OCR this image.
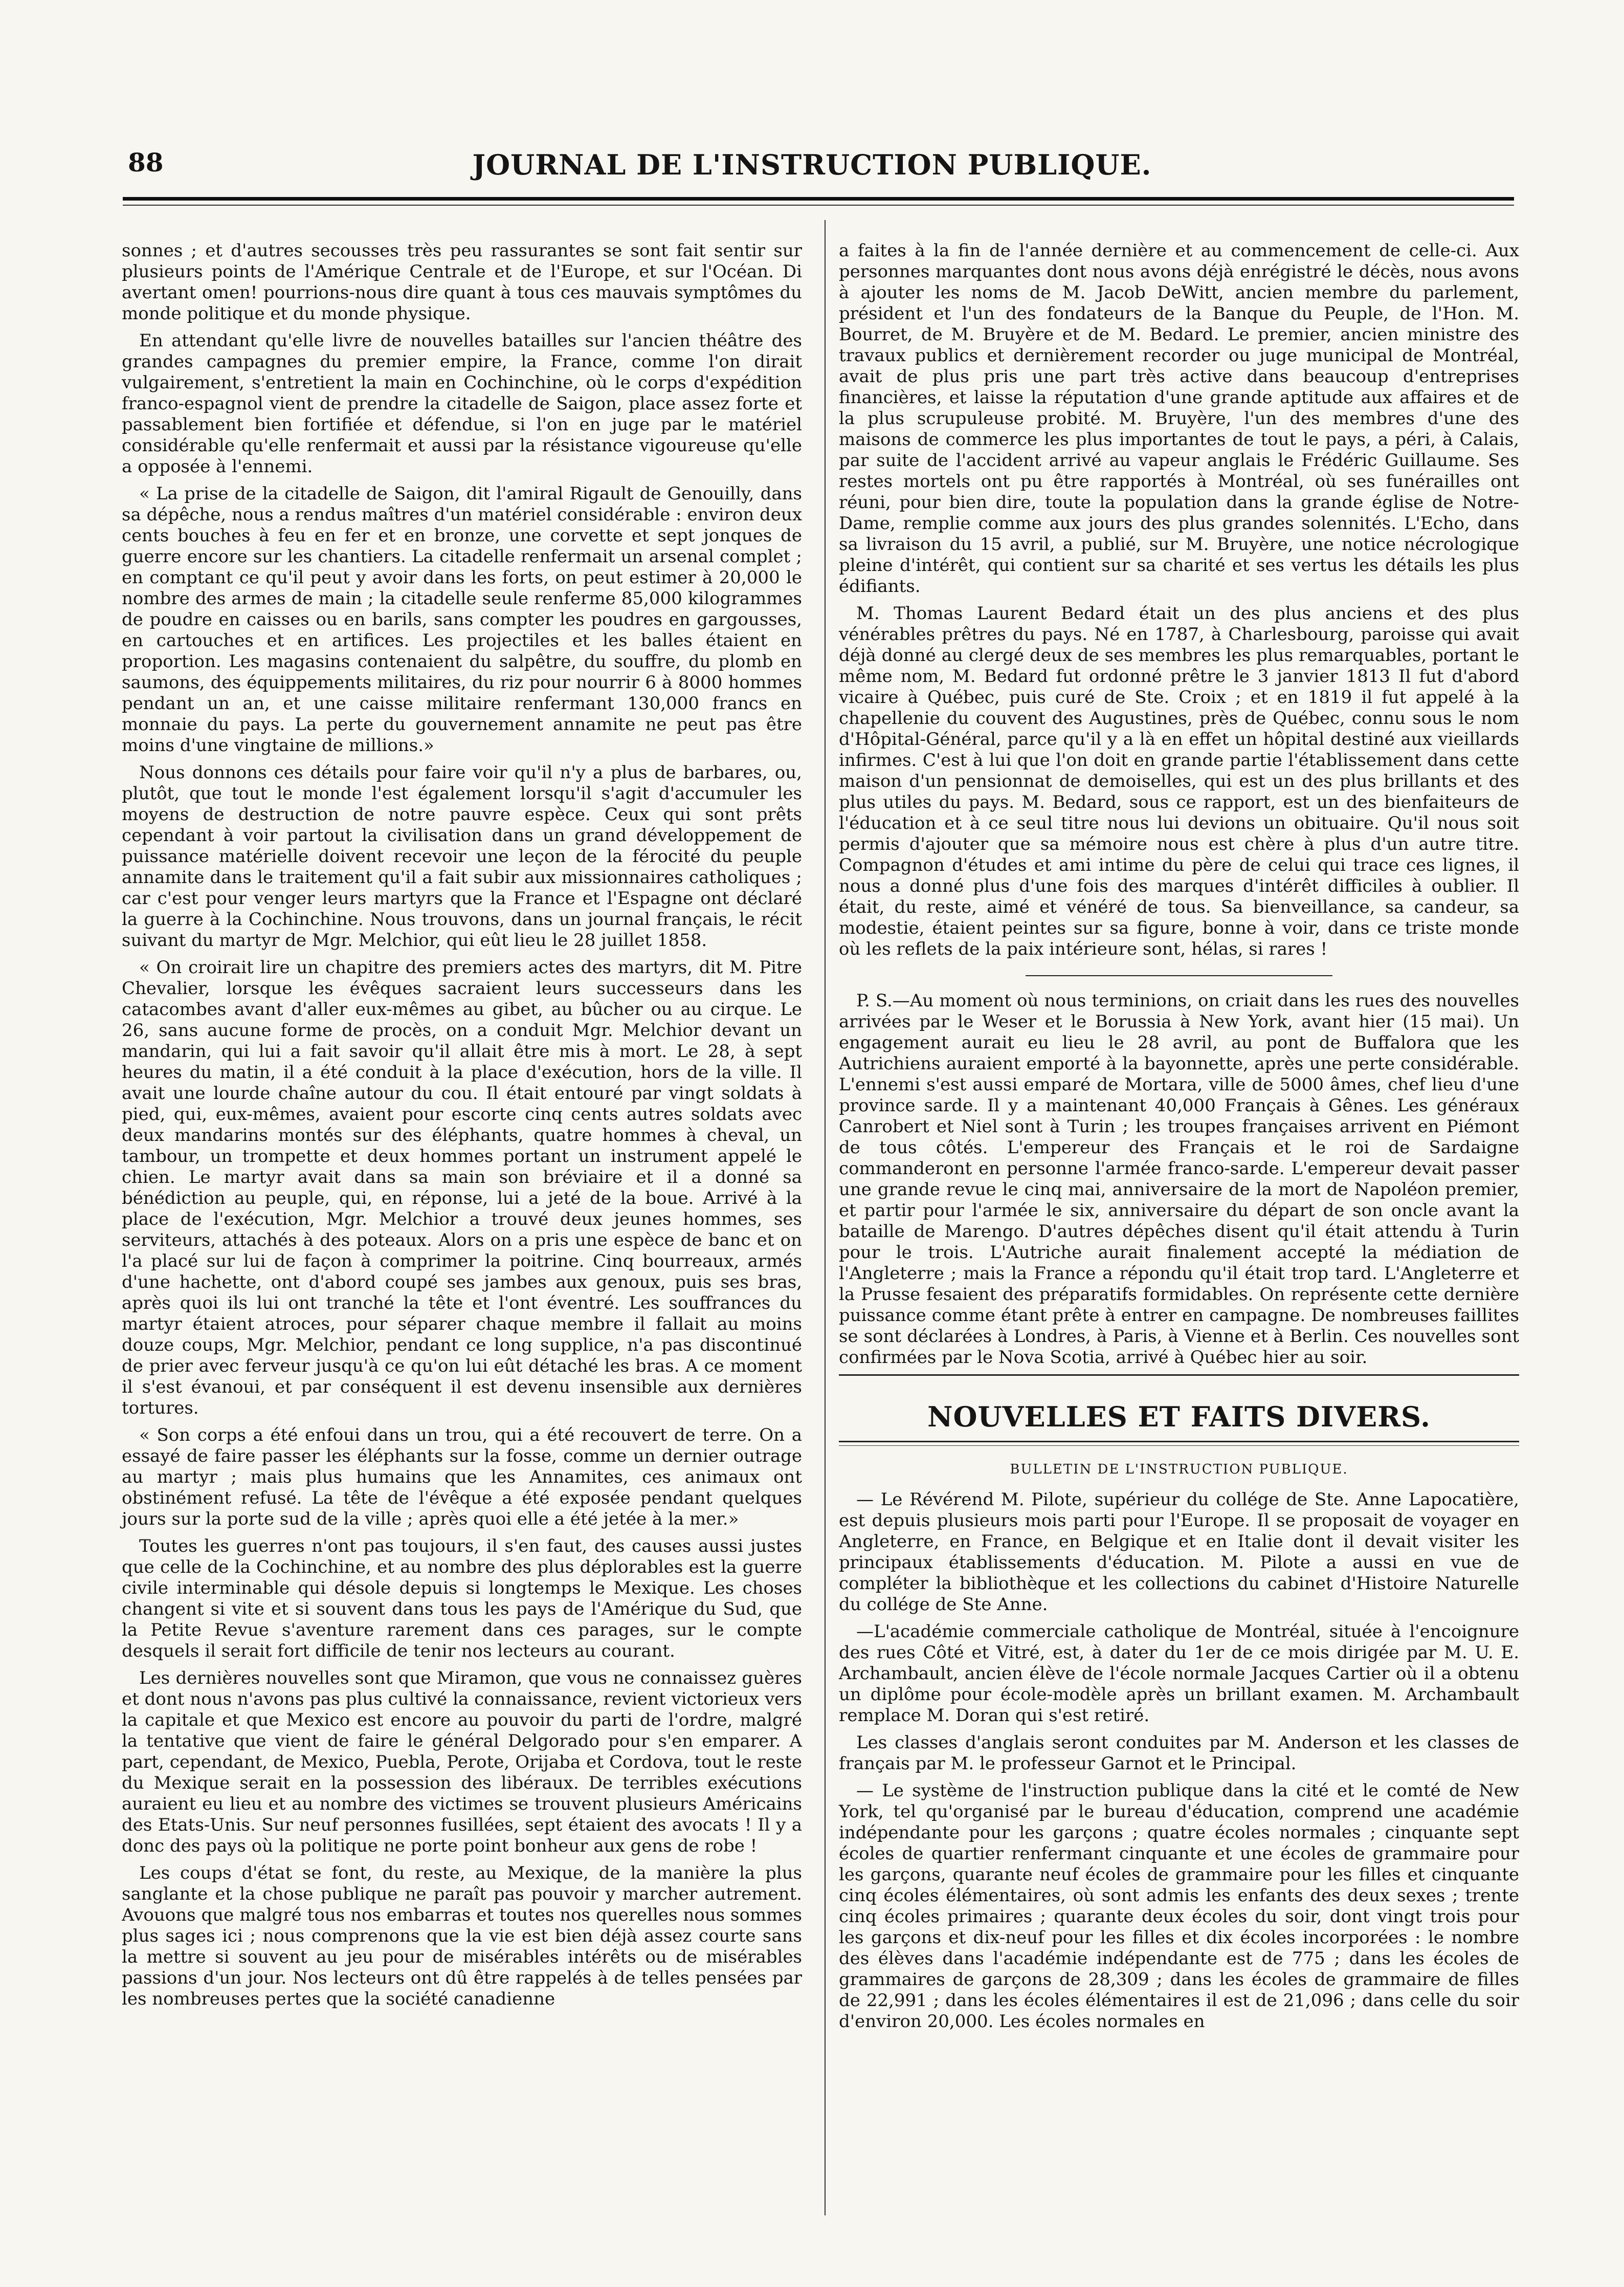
88	JOURNAL DE L'INSTRUCTION PUBLIQUE.

sonnes ; et d'autres secousses très peu rassurantes se sont fait sentir sur plusieurs points de l'Amérique Centrale et de l'Europe, et sur l'Océan. Di avertant omen! pourrions-nous dire quant à tous ces mauvais symptômes du monde politique et du monde physique.

En attendant qu'elle livre de nouvelles batailles sur l'ancien théâtre des grandes campagnes du premier empire, la France, comme l'on dirait vulgairement, s'entretient la main en Cochinchine, où le corps d'expédition franco-espagnol vient de prendre la citadelle de Saigon, place assez forte et passablement bien fortifiée et défendue, si l'on en juge par le matériel considérable qu'elle renfermait et aussi par la résistance vigoureuse qu'elle a opposée à l'ennemi.

« La prise de la citadelle de Saigon, dit l'amiral Rigault de Genouilly, dans sa dépêche, nous a rendus maîtres d'un matériel considérable : environ deux cents bouches à feu en fer et en bronze, une corvette et sept jonques de guerre encore sur les chantiers. La citadelle renfermait un arsenal complet ; en comptant ce qu'il peut y avoir dans les forts, on peut estimer à 20,000 le nombre des armes de main ; la citadelle seule renferme 85,000 kilogrammes de poudre en caisses ou en barils, sans compter les poudres en gargousses, en cartouches et en artifices. Les projectiles et les balles étaient en proportion. Les magasins contenaient du salpêtre, du souffre, du plomb en saumons, des équippements militaires, du riz pour nourrir 6 à 8000 hommes pendant un an, et une caisse militaire renfermant 130,000 francs en monnaie du pays. La perte du gouvernement annamite ne peut pas être moins d'une vingtaine de millions.»

Nous donnons ces détails pour faire voir qu'il n'y a plus de barbares, ou, plutôt, que tout le monde l'est également lorsqu'il s'agit d'accumuler les moyens de destruction de notre pauvre espèce. Ceux qui sont prêts cependant à voir partout la civilisation dans un grand développement de puissance matérielle doivent recevoir une leçon de la férocité du peuple annamite dans le traitement qu'il a fait subir aux missionnaires catholiques ; car c'est pour venger leurs martyrs que la France et l'Espagne ont déclaré la guerre à la Cochinchine. Nous trouvons, dans un journal français, le récit suivant du martyr de Mgr. Melchior, qui eût lieu le 28 juillet 1858.

« On croirait lire un chapitre des premiers actes des martyrs, dit M. Pitre Chevalier, lorsque les évêques sacraient leurs successeurs dans les catacombes avant d'aller eux-mêmes au gibet, au bûcher ou au cirque. Le 26, sans aucune forme de procès, on a conduit Mgr. Melchior devant un mandarin, qui lui a fait savoir qu'il allait être mis à mort. Le 28, à sept heures du matin, il a été conduit à la place d'exécution, hors de la ville. Il avait une lourde chaîne autour du cou. Il était entouré par vingt soldats à pied, qui, eux-mêmes, avaient pour escorte cinq cents autres soldats avec deux mandarins montés sur des éléphants, quatre hommes à cheval, un tambour, un trompette et deux hommes portant un instrument appelé le chien. Le martyr avait dans sa main son bréviaire et il a donné sa bénédiction au peuple, qui, en réponse, lui a jeté de la boue. Arrivé à la place de l'exécution, Mgr. Melchior a trouvé deux jeunes hommes, ses serviteurs, attachés à des poteaux. Alors on a pris une espèce de banc et on l'a placé sur lui de façon à comprimer la poitrine. Cinq bourreaux, armés d'une hachette, ont d'abord coupé ses jambes aux genoux, puis ses bras, après quoi ils lui ont tranché la tête et l'ont éventré. Les souffrances du martyr étaient atroces, pour séparer chaque membre il fallait au moins douze coups, Mgr. Melchior, pendant ce long supplice, n'a pas discontinué de prier avec ferveur jusqu'à ce qu'on lui eût détaché les bras. A ce moment il s'est évanoui, et par conséquent il est devenu insensible aux dernières tortures.

« Son corps a été enfoui dans un trou, qui a été recouvert de terre. On a essayé de faire passer les éléphants sur la fosse, comme un dernier outrage au martyr ; mais plus humains que les Annamites, ces animaux ont obstinément refusé. La tête de l'évêque a été exposée pendant quelques jours sur la porte sud de la ville ; après quoi elle a été jetée à la mer.»

Toutes les guerres n'ont pas toujours, il s'en faut, des causes aussi justes que celle de la Cochinchine, et au nombre des plus déplorables est la guerre civile interminable qui désole depuis si longtemps le Mexique. Les choses changent si vite et si souvent dans tous les pays de l'Amérique du Sud, que la Petite Revue s'aventure rarement dans ces parages, sur le compte desquels il serait fort difficile de tenir nos lecteurs au courant.

Les dernières nouvelles sont que Miramon, que vous ne connaissez guères et dont nous n'avons pas plus cultivé la connaissance, revient victorieux vers la capitale et que Mexico est encore au pouvoir du parti de l'ordre, malgré la tentative que vient de faire le général Delgorado pour s'en emparer. A part, cependant, de Mexico, Puebla, Perote, Orijaba et Cordova, tout le reste du Mexique serait en la possession des libéraux. De terribles exécutions auraient eu lieu et au nombre des victimes se trouvent plusieurs Américains des Etats-Unis. Sur neuf personnes fusillées, sept étaient des avocats ! Il y a donc des pays où la politique ne porte point bonheur aux gens de robe !

Les coups d'état se font, du reste, au Mexique, de la manière la plus sanglante et la chose publique ne paraît pas pouvoir y marcher autrement. Avouons que malgré tous nos embarras et toutes nos querelles nous sommes plus sages ici ; nous comprenons que la vie est bien déjà assez courte sans la mettre si souvent au jeu pour de misérables intérêts ou de misérables passions d'un jour. Nos lecteurs ont dû être rappelés à de telles pensées par les nombreuses pertes que la société canadienne

a faites à la fin de l'année dernière et au commencement de celle-ci. Aux personnes marquantes dont nous avons déjà enrégistré le décès, nous avons à ajouter les noms de M. Jacob DeWitt, ancien membre du parlement, président et l'un des fondateurs de la Banque du Peuple, de l'Hon. M. Bourret, de M. Bruyère et de M. Bedard. Le premier, ancien ministre des travaux publics et dernièrement recorder ou juge municipal de Montréal, avait de plus pris une part très active dans beaucoup d'entreprises financières, et laisse la réputation d'une grande aptitude aux affaires et de la plus scrupuleuse probité. M. Bruyère, l'un des membres d'une des maisons de commerce les plus importantes de tout le pays, a péri, à Calais, par suite de l'accident arrivé au vapeur anglais le Frédéric Guillaume. Ses restes mortels ont pu être rapportés à Montréal, où ses funérailles ont réuni, pour bien dire, toute la population dans la grande église de Notre-Dame, remplie comme aux jours des plus grandes solennités. L'Echo, dans sa livraison du 15 avril, a publié, sur M. Bruyère, une notice nécrologique pleine d'intérêt, qui contient sur sa charité et ses vertus les détails les plus édifiants.

M. Thomas Laurent Bedard était un des plus anciens et des plus vénérables prêtres du pays. Né en 1787, à Charlesbourg, paroisse qui avait déjà donné au clergé deux de ses membres les plus remarquables, portant le même nom, M. Bedard fut ordonné prêtre le 3 janvier 1813 Il fut d'abord vicaire à Québec, puis curé de Ste. Croix ; et en 1819 il fut appelé à la chapellenie du couvent des Augustines, près de Québec, connu sous le nom d'Hôpital-Général, parce qu'il y a là en effet un hôpital destiné aux vieillards infirmes. C'est à lui que l'on doit en grande partie l'établissement dans cette maison d'un pensionnat de demoiselles, qui est un des plus brillants et des plus utiles du pays. M. Bedard, sous ce rapport, est un des bienfaiteurs de l'éducation et à ce seul titre nous lui devions un obituaire. Qu'il nous soit permis d'ajouter que sa mémoire nous est chère à plus d'un autre titre. Compagnon d'études et ami intime du père de celui qui trace ces lignes, il nous a donné plus d'une fois des marques d'intérêt difficiles à oublier. Il était, du reste, aimé et vénéré de tous. Sa bienveillance, sa candeur, sa modestie, étaient peintes sur sa figure, bonne à voir, dans ce triste monde où les reflets de la paix intérieure sont, hélas, si rares !

P. S.—Au moment où nous terminions, on criait dans les rues des nouvelles arrivées par le Weser et le Borussia à New York, avant hier (15 mai). Un engagement aurait eu lieu le 28 avril, au pont de Buffalora que les Autrichiens auraient emporté à la bayonnette, après une perte considérable. L'ennemi s'est aussi emparé de Mortara, ville de 5000 âmes, chef lieu d'une province sarde. Il y a maintenant 40,000 Français à Gênes. Les généraux Canrobert et Niel sont à Turin ; les troupes françaises arrivent en Piémont de tous côtés. L'empereur des Français et le roi de Sardaigne commanderont en personne l'armée franco-sarde. L'empereur devait passer une grande revue le cinq mai, anniversaire de la mort de Napoléon premier, et partir pour l'armée le six, anniversaire du départ de son oncle avant la bataille de Marengo. D'autres dépêches disent qu'il était attendu à Turin pour le trois. L'Autriche aurait finalement accepté la médiation de l'Angleterre ; mais la France a répondu qu'il était trop tard. L'Angleterre et la Prusse fesaient des préparatifs formidables. On représente cette dernière puissance comme étant prête à entrer en campagne. De nombreuses faillites se sont déclarées à Londres, à Paris, à Vienne et à Berlin. Ces nouvelles sont confirmées par le Nova Scotia, arrivé à Québec hier au soir.

NOUVELLES ET FAITS DIVERS.
BULLETIN DE L'INSTRUCTION PUBLIQUE.

— Le Révérend M. Pilote, supérieur du collége de Ste. Anne Lapocatière, est depuis plusieurs mois parti pour l'Europe. Il se proposait de voyager en Angleterre, en France, en Belgique et en Italie dont il devait visiter les principaux établissements d'éducation. M. Pilote a aussi en vue de compléter la bibliothèque et les collections du cabinet d'Histoire Naturelle du collége de Ste Anne.

—L'académie commerciale catholique de Montréal, située à l'encoignure des rues Côté et Vitré, est, à dater du 1er de ce mois dirigée par M. U. E. Archambault, ancien élève de l'école normale Jacques Cartier où il a obtenu un diplôme pour école-modèle après un brillant examen. M. Archambault remplace M. Doran qui s'est retiré.

Les classes d'anglais seront conduites par M. Anderson et les classes de français par M. le professeur Garnot et le Principal.

— Le système de l'instruction publique dans la cité et le comté de New York, tel qu'organisé par le bureau d'éducation, comprend une académie indépendante pour les garçons ; quatre écoles normales ; cinquante sept écoles de quartier renfermant cinquante et une écoles de grammaire pour les garçons, quarante neuf écoles de grammaire pour les filles et cinquante cinq écoles élémentaires, où sont admis les enfants des deux sexes ; trente cinq écoles primaires ; quarante deux écoles du soir, dont vingt trois pour les garçons et dix-neuf pour les filles et dix écoles incorporées : le nombre des élèves dans l'académie indépendante est de 775 ; dans les écoles de grammaires de garçons de 28,309 ; dans les écoles de grammaire de filles de 22,991 ; dans les écoles élémentaires il est de 21,096 ; dans celle du soir d'environ 20,000. Les écoles normales en
